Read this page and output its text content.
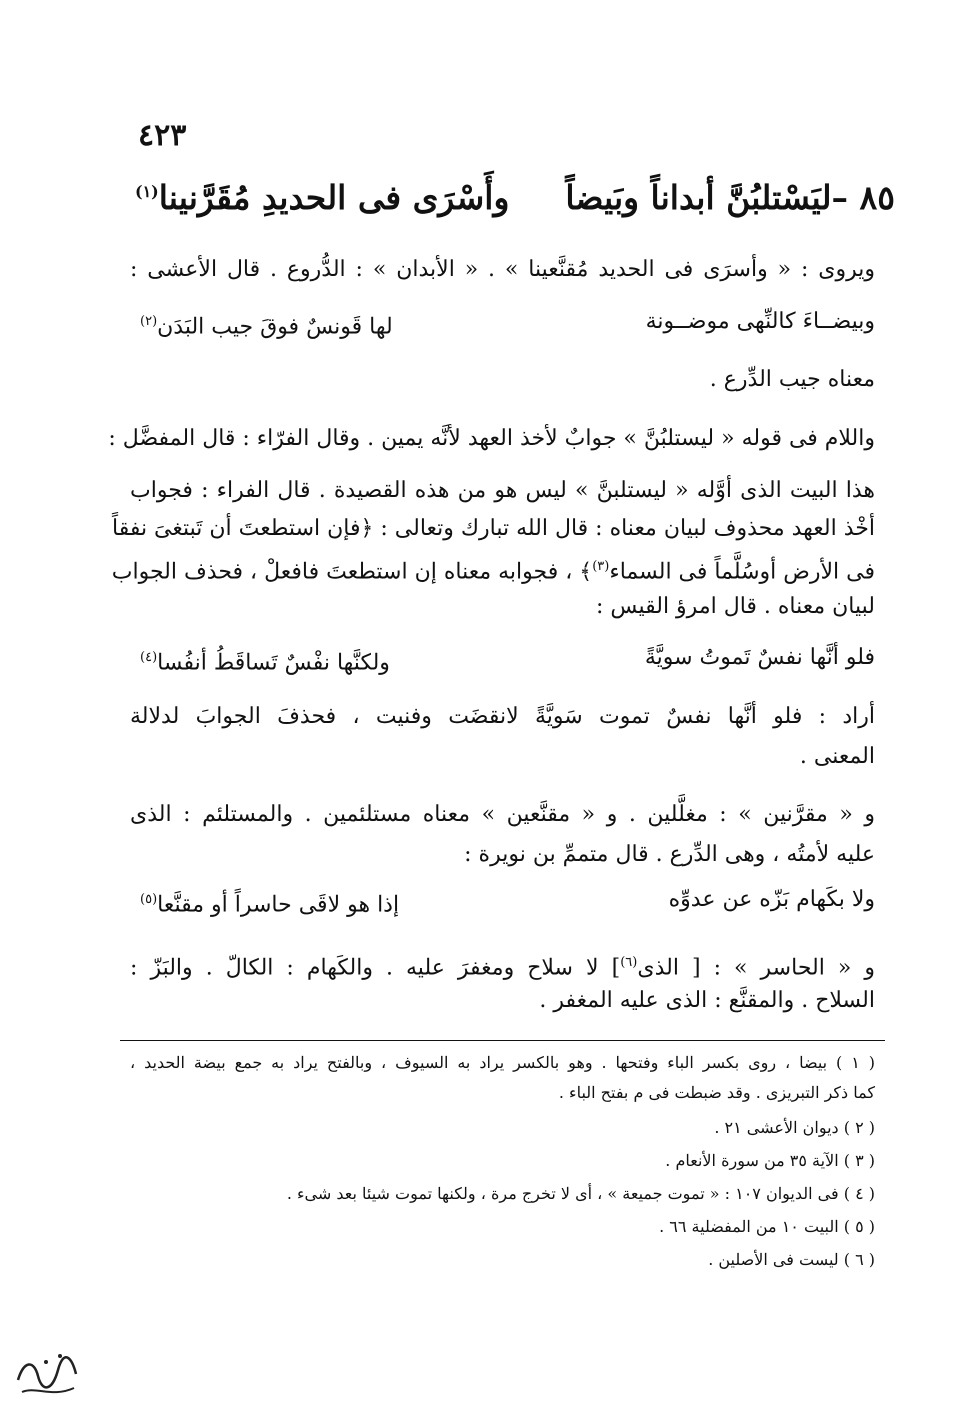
٤٢٣
٨٥ –ليَسْتلبُنَّ أبداناً وبَيضاً
وأَسْرَى فى الحديدِ مُقَرَّنينا$^{(١)}$
ويروى : « وأسرَى فى الحديد مُقنَّعينا » . « الأبدان » : الدُّروع . قال الأعشى :
وبيضــاءَ كالنِّهى موضــونة
لها قَونسٌ فوقَ جيب البَدَن$^{(٢)}$
معناه جيب الدِّرع .
واللام فى قوله « ليستلبُنَّ » جوابٌ لأخذ العهد لأنَّه يمين . وقال الفرّاء : قال المفضَّل :
هذا البيت الذى أوَّله « ليستلبنَّ » ليس هو من هذه القصيدة . قال الفراء : فجواب
أخْذ العهد محذوف لبيان معناه : قال الله تبارك وتعالى : ﴿فإن استطعتَ أن تَبتغىَ نفقاً
فى الأرض أوسُلَّماً فى السماء$^{(٣)}$﴾ ، فجوابه معناه إن استطعتَ فافعلْ ، فحذف الجواب
لبيان معناه . قال امرؤ القيس :
فلو أنَّها نفسٌ تَموتُ سويَّةً
ولكنَّها نفْسٌ تَساقَطُ أنفُسا$^{(٤)}$
أراد : فلو أنَّها نفسٌ تموت سَويَّةً لانقضَت وفنيت ، فحذفَ الجوابَ لدلالة
المعنى .
و « مقرَّنين » : مغلَّلين . و « مقنَّعين » معناه مستلئمين . والمستلئم : الذى
عليه لأمتُه ، وهى الدِّرع . قال متممِّ بن نويرة :
ولا بكَهام بَزّه عن عدوِّه
إذا هو لاقَى حاسراً أو مقنَّعا$^{(٥)}$
و « الحاسر » : [ الذى$^{(٦)}$] لا سلاح ومغفرَ عليه . والكَهام : الكالّ . والبَزّ :
السلاح . والمقنَّع : الذى عليه المغفر .
( ١ ) بيضا ، روى بكسر الباء وفتحها . وهو بالكسر يراد به السيوف ، وبالفتح يراد به جمع بيضة الحديد ،
كما ذكر التبريزى . وقد ضبطت فى م بفتح الباء .
( ٢ ) ديوان الأعشى ٢١ .
( ٣ ) الآية ٣٥ من سورة الأنعام .
( ٤ ) فى الديوان ١٠٧ : « تموت جميعة » ، أى لا تخرج مرة ، ولكنها تموت شيئا بعد شىء .
( ٥ ) البيت ١٠ من المفضلية ٦٦ .
( ٦ ) ليست فى الأصلين .
